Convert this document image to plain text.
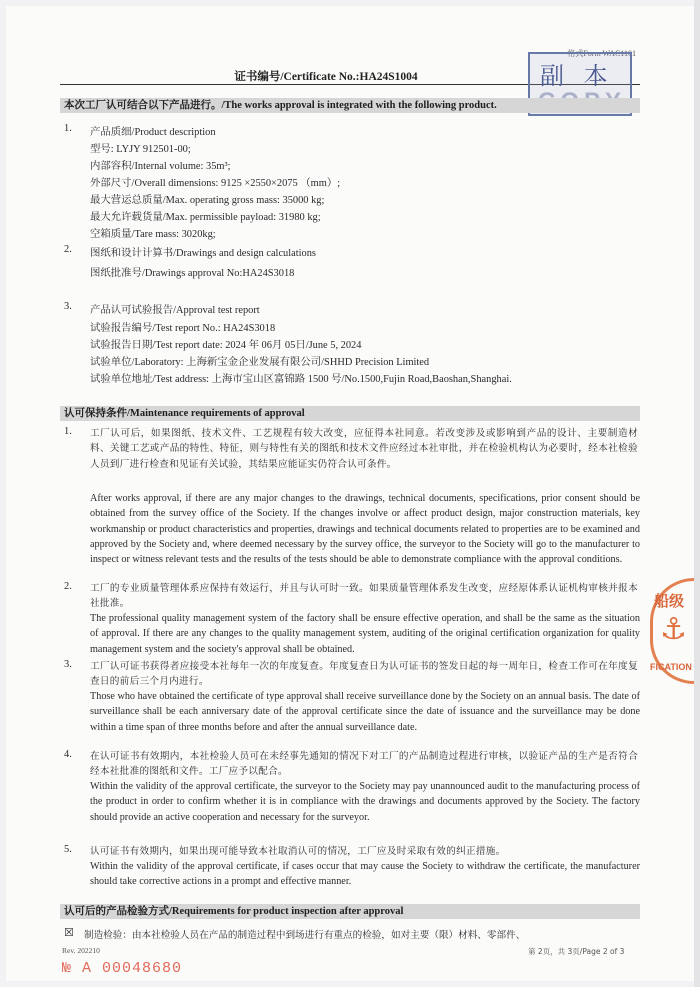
格式Form WAC1101
证书编号/Certificate No.:HA24S1004	副 本
本次工厂认可结合以下产品进行。/The works approval is integrated with the following product.
1. 产品质细/Product description
型号: LYJY 912501-00;
内部容积/Internal volume: 35m³;
外部尺寸/Overall dimensions: 9125 ×2550×2075 （mm）;
最大营运总质量/Max. operating gross mass: 35000 kg;
最大允许载货量/Max. permissible payload: 31980 kg;
空箱质量/Tare mass: 3020kg;
2. 图纸和设计计算书/Drawings and design calculations
图纸批准号/Drawings approval No:HA24S3018
3. 产品认可试验报告/Approval test report
试验报告编号/Test report No.: HA24S3018
试验报告日期/Test report date: 2024 年 06月 05日/June 5, 2024
试验单位/Laboratory: 上海新宝金企业发展有限公司/SHHD Precision Limited
试验单位地址/Test address: 上海市宝山区富锦路 1500 号/No.1500,Fujin Road,Baoshan,Shanghai.
认可保持条件/Maintenance requirements of approval
1. 工厂认可后，如果图纸、技术文件、工艺规程有较大改变，应征得本社同意。若改变涉及或影响到产品的设计、主要制造材料、关键工艺或产品的特性、特征，则与特性有关的图纸和技术文件应经过本社审批，并在检验机构认为必要时，经本社检验人员到厂进行检查和见证有关试验，其结果应能证实仍符合认可条件。
After works approval, if there are any major changes to the drawings, technical documents, specifications, prior consent should be obtained from the survey office of the Society. If the changes involve or affect product design, major construction materials, key workmanship or product characteristics and properties, drawings and technical documents related to properties are to be examined and approved by the Society and, where deemed necessary by the survey office, the surveyor to the Society will go to the manufacturer to inspect or witness relevant tests and the results of the tests should be able to demonstrate compliance with the approval conditions.
2. 工厂的专业质量管理体系应保持有效运行，并且与认可时一致。如果质量管理体系发生改变，应经原体系认证机构审核并报本社批准。
The professional quality management system of the factory shall be ensure effective operation, and shall be the same as the situation of approval. If there are any changes to the quality management system, auditing of the original certification organization for quality management system and the society's approval shall be obtained.
3. 工厂认可证书获得者应接受本社每年一次的年度复查。年度复查日为认可证书的签发日起的每一周年日，检查工作可在年度复查日的前后三个月内进行。
Those who have obtained the certificate of type approval shall receive surveillance done by the Society on an annual basis. The date of surveillance shall be each anniversary date of the approval certificate since the date of issuance and the surveillance may be done within a time span of three months before and after the annual surveillance date.
4. 在认可证书有效期内，本社检验人员可在未经事先通知的情况下对工厂的产品制造过程进行审核，以验证产品的生产是否符合经本社批准的图纸和文件。工厂应予以配合。
Within the validity of the approval certificate, the surveyor to the Society may pay unannounced audit to the manufacturing process of the product in order to confirm whether it is in compliance with the drawings and documents approved by the Society. The factory should provide an active cooperation and necessary for the surveyor.
5. 认可证书有效期内，如果出现可能导致本社取消认可的情况，工厂应及时采取有效的纠正措施。
Within the validity of the approval certificate, if cases occur that may cause the Society to withdraw the certificate, the manufacturer should take corrective actions in a prompt and effective manner.
认可后的产品检验方式/Requirements for product inspection after approval
☒ 制造检验：由本社检验人员在产品的制造过程中到场进行有重点的检验，如对主要（限）材料、零部件、
Rev. 202210	第 2页，共 3页/Page 2 of 3
№ A 00048680
船级
⚓
FICATION
